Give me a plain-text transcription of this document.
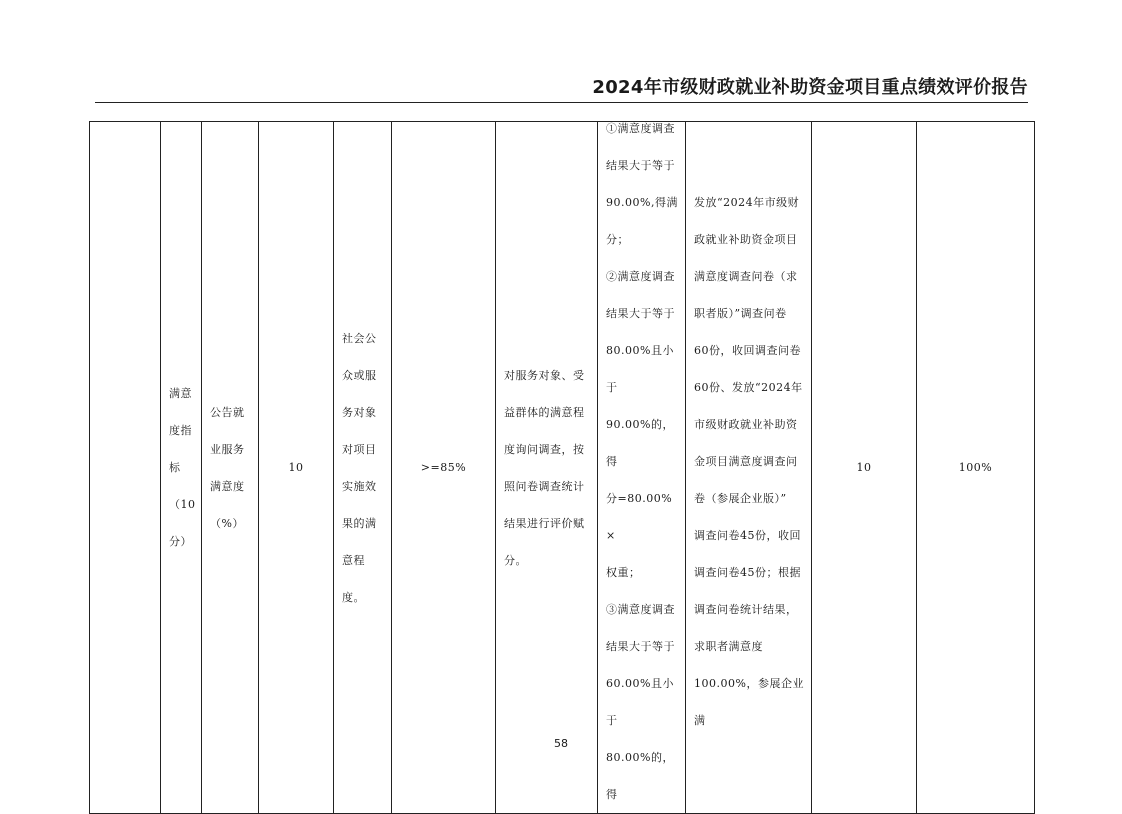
2024年市级财政就业补助资金项目重点绩效评价报告

满意
度指
标
（10
分）

公告就
业服务
满意度
（%）

10

社会公
众或服
务对象
对项目
实施效
果的满
意程度。

>=85%

对服务对象、受
益群体的满意程
度询问调查，按
照问卷调查统计
结果进行评价赋
分。

①满意度调查
结果大于等于
90.00%,得满
分；
②满意度调查
结果大于等于
80.00%且小于
90.00%的，得
分=80.00%×
权重；
③满意度调查
结果大于等于
60.00%且小于
80.00%的，得

发放“2024年市级财
政就业补助资金项目
满意度调查问卷（求
职者版）”调查问卷
60份，收回调查问卷
60份、发放“2024年
市级财政就业补助资
金项目满意度调查问
卷（参展企业版）”
调查问卷45份，收回
调查问卷45份；根据
调查问卷统计结果，
求职者满意度
100.00%，参展企业满

10	100%
58
